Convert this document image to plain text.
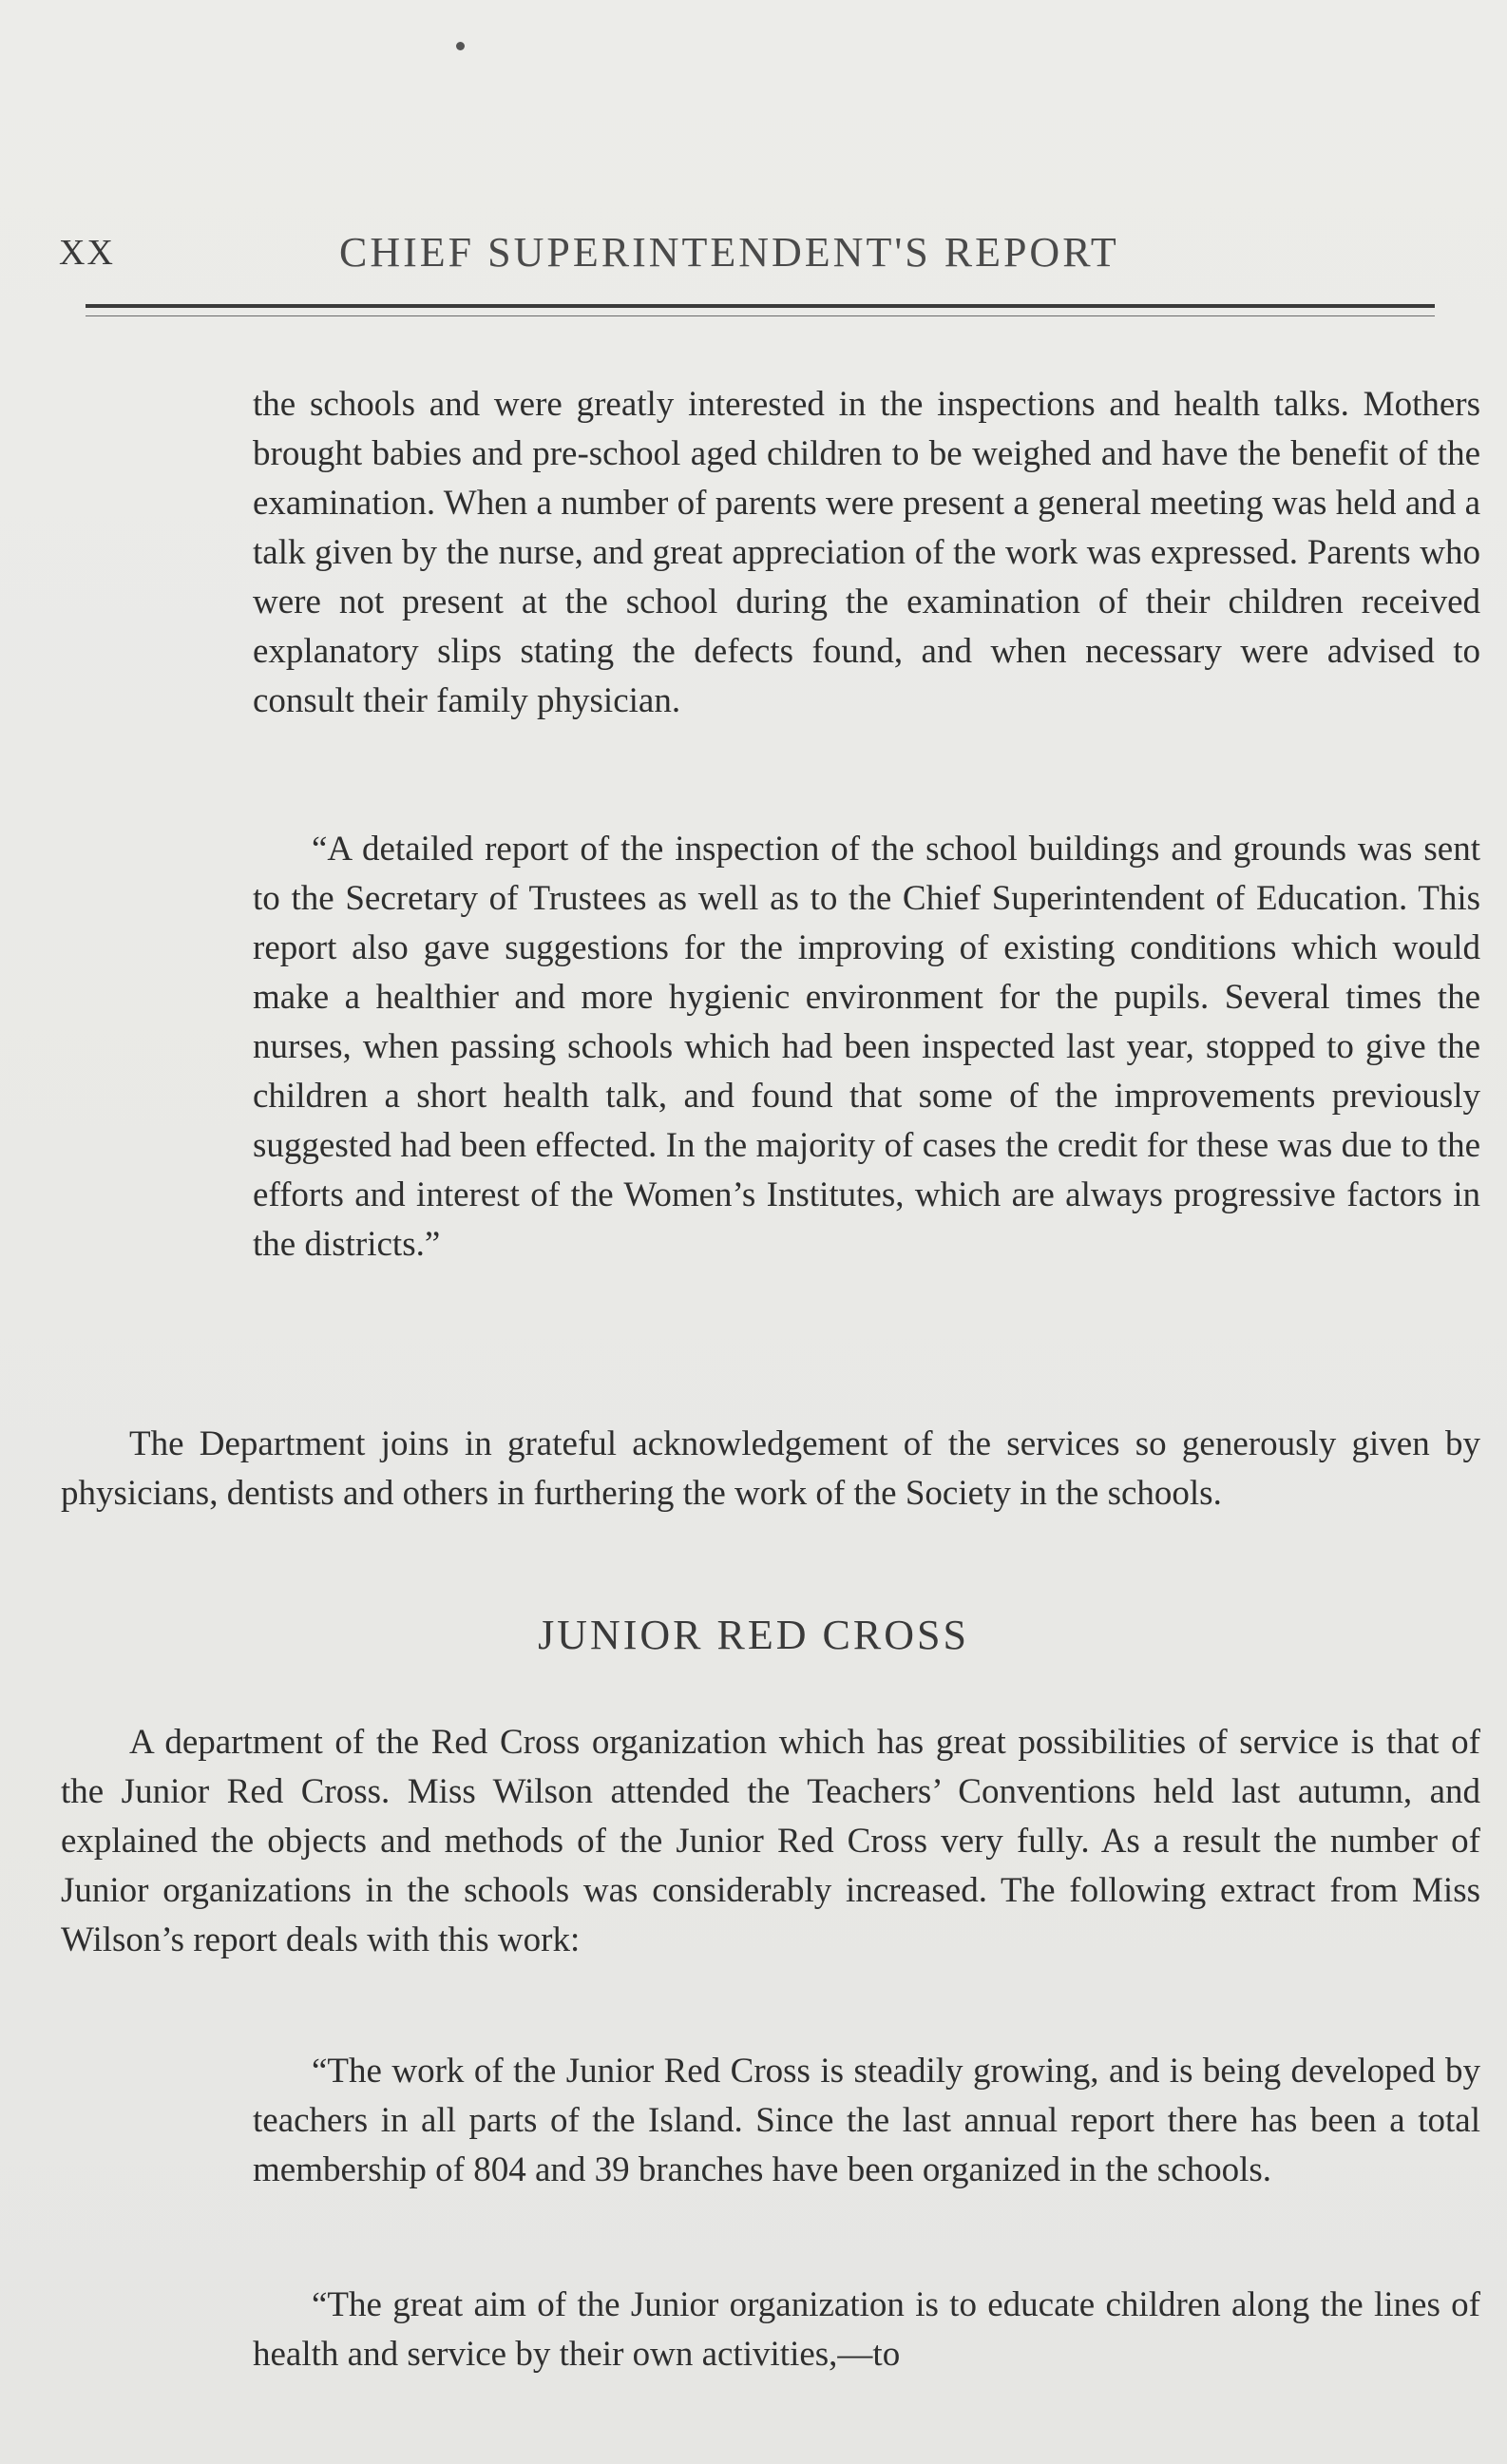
XX	CHIEF SUPERINTENDENT'S REPORT

the schools and were greatly interested in the inspections and health talks. Mothers brought babies and pre-school aged children to be weighed and have the benefit of the examination. When a number of parents were present a general meeting was held and a talk given by the nurse, and great appreciation of the work was expressed. Parents who were not present at the school during the examination of their children received explanatory slips stating the defects found, and when necessary were advised to consult their family physician.

“A detailed report of the inspection of the school buildings and grounds was sent to the Secretary of Trustees as well as to the Chief Superintendent of Education. This report also gave suggestions for the improving of existing conditions which would make a healthier and more hygienic environment for the pupils. Several times the nurses, when passing schools which had been inspected last year, stopped to give the children a short health talk, and found that some of the improvements previously suggested had been effected. In the majority of cases the credit for these was due to the efforts and interest of the Women’s Institutes, which are always progressive factors in the districts.”

The Department joins in grateful acknowledgement of the services so generously given by physicians, dentists and others in furthering the work of the Society in the schools.

JUNIOR RED CROSS

A department of the Red Cross organization which has great possibilities of service is that of the Junior Red Cross. Miss Wilson attended the Teachers’ Conventions held last autumn, and explained the objects and methods of the Junior Red Cross very fully. As a result the number of Junior organizations in the schools was considerably increased. The following extract from Miss Wilson’s report deals with this work:

“The work of the Junior Red Cross is steadily growing, and is being developed by teachers in all parts of the Island. Since the last annual report there has been a total membership of 804 and 39 branches have been organized in the schools.

“The great aim of the Junior organization is to educate children along the lines of health and service by their own activities,—to
